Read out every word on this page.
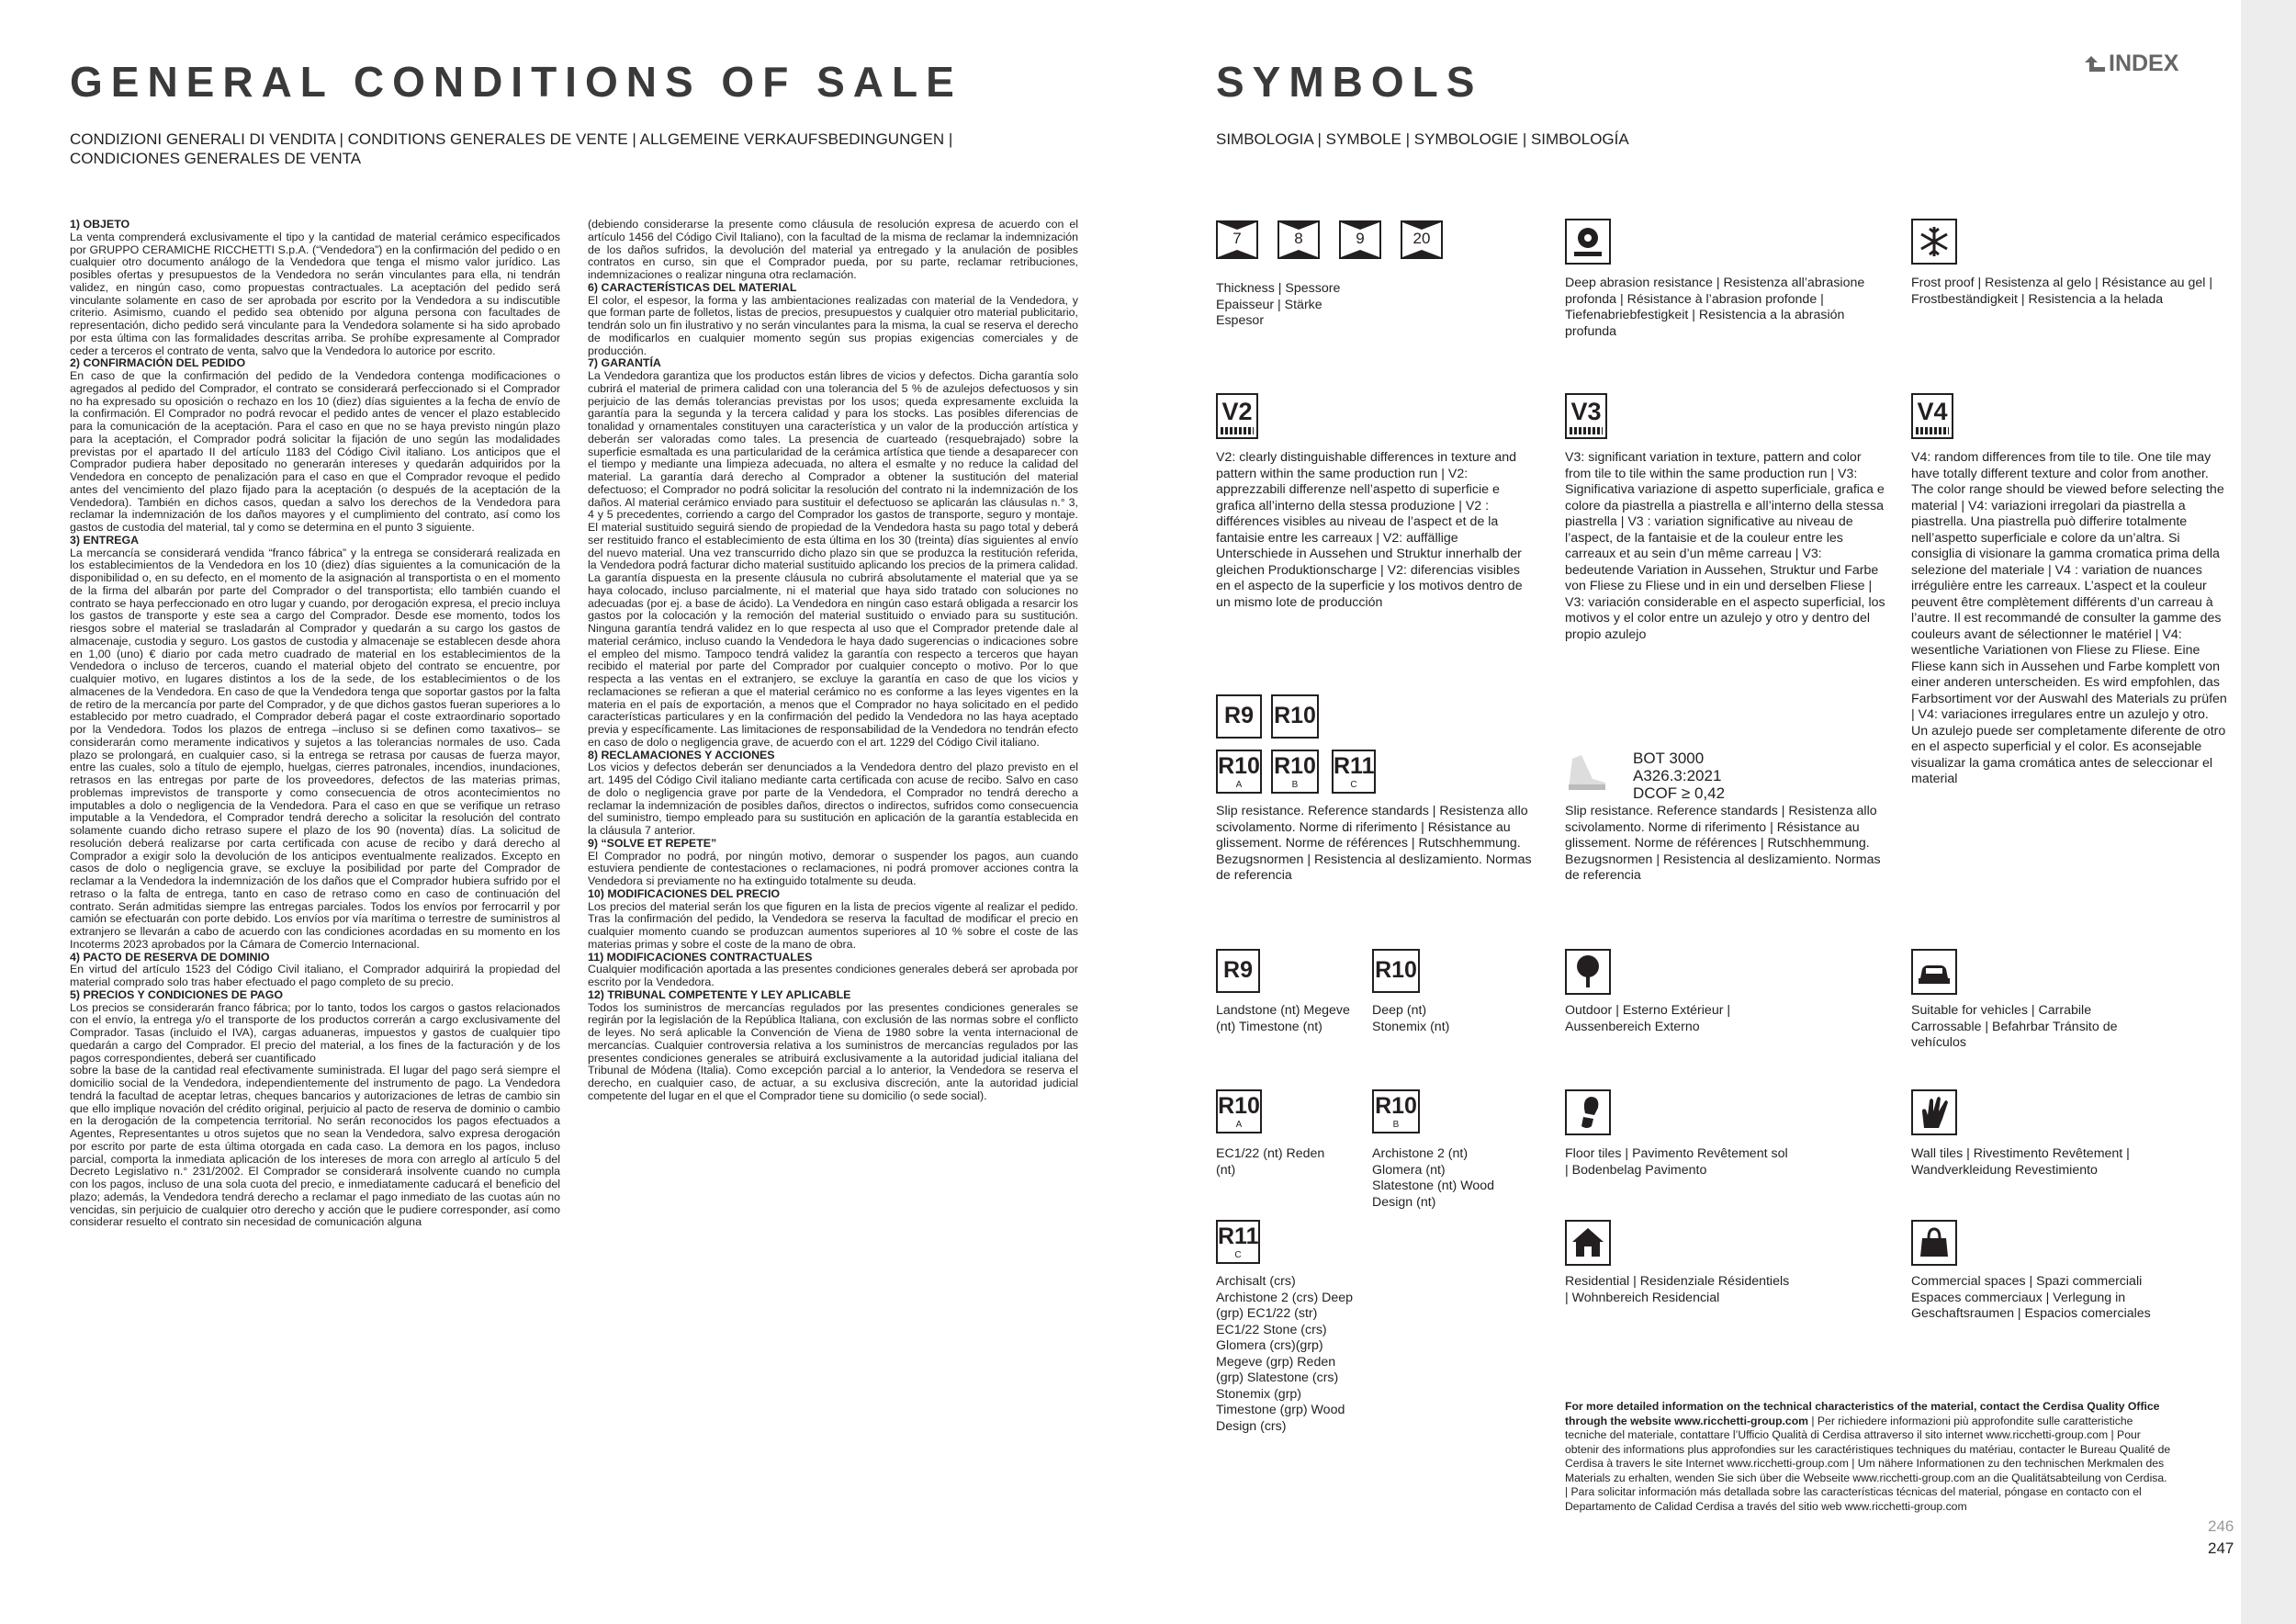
GENERAL CONDITIONS OF SALE
CONDIZIONI GENERALI DI VENDITA | CONDITIONS GENERALES DE VENTE | ALLGEMEINE VERKAUFSBEDINGUNGEN | CONDICIONES GENERALES DE VENTA
SYMBOLS
SIMBOLOGIA | SYMBOLE | SYMBOLOGIE | SIMBOLOGÍA
INDEX
1) OBJETO

La venta comprenderá exclusivamente el tipo y la cantidad de material cerámico especificados por GRUPPO CERAMICHE RICCHETTI S.p.A. (“Vendedora”) en la confirmación del pedido o en cualquier otro documento análogo de la Vendedora que tenga el mismo valor jurídico. Las posibles ofertas y presupuestos de la Vendedora no serán vinculantes para ella, ni tendrán validez, en ningún caso, como propuestas contractuales. La aceptación del pedido será vinculante solamente en caso de ser aprobada por escrito por la Vendedora a su indiscutible criterio. Asimismo, cuando el pedido sea obtenido por alguna persona con facultades de representación, dicho pedido será vinculante para la Vendedora solamente si ha sido aprobado por esta última con las formalidades descritas arriba. Se prohíbe expresamente al Comprador ceder a terceros el contrato de venta, salvo que la Vendedora lo autorice por escrito.

2) CONFIRMACIÓN DEL PEDIDO

En caso de que la confirmación del pedido de la Vendedora contenga modificaciones o agregados al pedido del Comprador, el contrato se considerará perfeccionado si el Comprador no ha expresado su oposición o rechazo en los 10 (diez) días siguientes a la fecha de envío de la confirmación. El Comprador no podrá revocar el pedido antes de vencer el plazo establecido para la comunicación de la aceptación. Para el caso en que no se haya previsto ningún plazo para la aceptación, el Comprador podrá solicitar la fijación de uno según las modalidades previstas por el apartado II del artículo 1183 del Código Civil italiano. Los anticipos que el Comprador pudiera haber depositado no generarán intereses y quedarán adquiridos por la Vendedora en concepto de penalización para el caso en que el Comprador revoque el pedido antes del vencimiento del plazo fijado para la aceptación (o después de la aceptación de la Vendedora). También en dichos casos, quedan a salvo los derechos de la Vendedora para reclamar la indemnización de los daños mayores y el cumplimiento del contrato, así como los gastos de custodia del material, tal y como se determina en el punto 3 siguiente.

3) ENTREGA

La mercancía se considerará vendida “franco fábrica” y la entrega se considerará realizada en los establecimientos de la Vendedora en los 10 (diez) días siguientes a la comunicación de la disponibilidad o, en su defecto, en el momento de la asignación al transportista o en el momento de la firma del albarán por parte del Comprador o del transportista; ello también cuando el contrato se haya perfeccionado en otro lugar y cuando, por derogación expresa, el precio incluya los gastos de transporte y este sea a cargo del Comprador. Desde ese momento, todos los riesgos sobre el material se trasladarán al Comprador y quedarán a su cargo los gastos de almacenaje, custodia y seguro. Los gastos de custodia y almacenaje se establecen desde ahora en 1,00 (uno) € diario por cada metro cuadrado de material en los establecimientos de la Vendedora o incluso de terceros, cuando el material objeto del contrato se encuentre, por cualquier motivo, en lugares distintos a los de la sede, de los establecimientos o de los almacenes de la Vendedora. En caso de que la Vendedora tenga que soportar gastos por la falta de retiro de la mercancía por parte del Comprador, y de que dichos gastos fueran superiores a lo establecido por metro cuadrado, el Comprador deberá pagar el coste extraordinario soportado por la Vendedora. Todos los plazos de entrega –incluso si se definen como taxativos– se considerarán como meramente indicativos y sujetos a las tolerancias normales de uso. Cada plazo se prolongará, en cualquier caso, si la entrega se retrasa por causas de fuerza mayor, entre las cuales, solo a título de ejemplo, huelgas, cierres patronales, incendios, inundaciones, retrasos en las entregas por parte de los proveedores, defectos de las materias primas, problemas imprevistos de transporte y como consecuencia de otros acontecimientos no imputables a dolo o negligencia de la Vendedora. Para el caso en que se verifique un retraso imputable a la Vendedora, el Comprador tendrá derecho a solicitar la resolución del contrato solamente cuando dicho retraso supere el plazo de los 90 (noventa) días. La solicitud de resolución deberá realizarse por carta certificada con acuse de recibo y dará derecho al Comprador a exigir solo la devolución de los anticipos eventualmente realizados. Excepto en casos de dolo o negligencia grave, se excluye la posibilidad por parte del Comprador de reclamar a la Vendedora la indemnización de los daños que el Comprador hubiera sufrido por el retraso o la falta de entrega, tanto en caso de retraso como en caso de continuación del contrato. Serán admitidas siempre las entregas parciales. Todos los envíos por ferrocarril y por camión se efectuarán con porte debido. Los envíos por vía marítima o terrestre de suministros al extranjero se llevarán a cabo de acuerdo con las condiciones acordadas en su momento en los Incoterms 2023 aprobados por la Cámara de Comercio Internacional.

4) PACTO DE RESERVA DE DOMINIO

En virtud del artículo 1523 del Código Civil italiano, el Comprador adquirirá la propiedad del material comprado solo tras haber efectuado el pago completo de su precio.

5) PRECIOS Y CONDICIONES DE PAGO

Los precios se considerarán franco fábrica; por lo tanto, todos los cargos o gastos relacionados con el envío, la entrega y/o el transporte de los productos correrán a cargo exclusivamente del Comprador. Tasas (incluido el IVA), cargas aduaneras, impuestos y gastos de cualquier tipo quedarán a cargo del Comprador. El precio del material, a los fines de la facturación y de los pagos correspondientes, deberá ser cuantificado

sobre la base de la cantidad real efectivamente suministrada. El lugar del pago será siempre el domicilio social de la Vendedora, independientemente del instrumento de pago. La Vendedora tendrá la facultad de aceptar letras, cheques bancarios y autorizaciones de letras de cambio sin que ello implique novación del crédito original, perjuicio al pacto de reserva de dominio o cambio en la derogación de la competencia territorial. No serán reconocidos los pagos efectuados a Agentes, Representantes u otros sujetos que no sean la Vendedora, salvo expresa derogación por escrito por parte de esta última otorgada en cada caso. La demora en los pagos, incluso parcial, comporta la inmediata aplicación de los intereses de mora con arreglo al artículo 5 del Decreto Legislativo n.° 231/2002. El Comprador se considerará insolvente cuando no cumpla con los pagos, incluso de una sola cuota del precio, e inmediatamente caducará el beneficio del plazo; además, la Vendedora tendrá derecho a reclamar el pago inmediato de las cuotas aún no vencidas, sin perjuicio de cualquier otro derecho y acción que le pudiere corresponder, así como considerar resuelto el contrato sin necesidad de comunicación alguna

(debiendo considerarse la presente como cláusula de resolución expresa de acuerdo con el artículo 1456 del Código Civil Italiano), con la facultad de la misma de reclamar la indemnización de los daños sufridos, la devolución del material ya entregado y la anulación de posibles contratos en curso, sin que el Comprador pueda, por su parte, reclamar retribuciones, indemnizaciones o realizar ninguna otra reclamación.

6) CARACTERÍSTICAS DEL MATERIAL

El color, el espesor, la forma y las ambientaciones realizadas con material de la Vendedora, y que forman parte de folletos, listas de precios, presupuestos y cualquier otro material publicitario, tendrán solo un fin ilustrativo y no serán vinculantes para la misma, la cual se reserva el derecho de modificarlos en cualquier momento según sus propias exigencias comerciales y de producción.

7) GARANTÍA

La Vendedora garantiza que los productos están libres de vicios y defectos. Dicha garantía solo cubrirá el material de primera calidad con una tolerancia del 5 % de azulejos defectuosos y sin perjuicio de las demás tolerancias previstas por los usos; queda expresamente excluida la garantía para la segunda y la tercera calidad y para los stocks. Las posibles diferencias de tonalidad y ornamentales constituyen una característica y un valor de la producción artística y deberán ser valoradas como tales. La presencia de cuarteado (resquebrajado) sobre la superficie esmaltada es una particularidad de la cerámica artística que tiende a desaparecer con el tiempo y mediante una limpieza adecuada, no altera el esmalte y no reduce la calidad del material. La garantía dará derecho al Comprador a obtener la sustitución del material defectuoso; el Comprador no podrá solicitar la resolución del contrato ni la indemnización de los daños. Al material cerámico enviado para sustituir el defectuoso se aplicarán las cláusulas n.° 3, 4 y 5 precedentes, corriendo a cargo del Comprador los gastos de transporte, seguro y montaje. El material sustituido seguirá siendo de propiedad de la Vendedora hasta su pago total y deberá ser restituido franco el establecimiento de esta última en los 30 (treinta) días siguientes al envío del nuevo material. Una vez transcurrido dicho plazo sin que se produzca la restitución referida, la Vendedora podrá facturar dicho material sustituido aplicando los precios de la primera calidad. La garantía dispuesta en la presente cláusula no cubrirá absolutamente el material que ya se haya colocado, incluso parcialmente, ni el material que haya sido tratado con soluciones no adecuadas (por ej. a base de ácido). La Vendedora en ningún caso estará obligada a resarcir los gastos por la colocación y la remoción del material sustituido o enviado para su sustitución. Ninguna garantía tendrá validez en lo que respecta al uso que el Comprador pretende dale al material cerámico, incluso cuando la Vendedora le haya dado sugerencias o indicaciones sobre el empleo del mismo. Tampoco tendrá validez la garantía con respecto a terceros que hayan recibido el material por parte del Comprador por cualquier concepto o motivo. Por lo que respecta a las ventas en el extranjero, se excluye la garantía en caso de que los vicios y reclamaciones se refieran a que el material cerámico no es conforme a las leyes vigentes en la materia en el país de exportación, a menos que el Comprador no haya solicitado en el pedido características particulares y en la confirmación del pedido la Vendedora no las haya aceptado previa y específicamente. Las limitaciones de responsabilidad de la Vendedora no tendrán efecto en caso de dolo o negligencia grave, de acuerdo con el art. 1229 del Código Civil italiano.

8) RECLAMACIONES Y ACCIONES

Los vicios y defectos deberán ser denunciados a la Vendedora dentro del plazo previsto en el art. 1495 del Código Civil italiano mediante carta certificada con acuse de recibo. Salvo en caso de dolo o negligencia grave por parte de la Vendedora, el Comprador no tendrá derecho a reclamar la indemnización de posibles daños, directos o indirectos, sufridos como consecuencia del suministro, tiempo empleado para su sustitución en aplicación de la garantía establecida en la cláusula 7 anterior.

9) “SOLVE ET REPETE”

El Comprador no podrá, por ningún motivo, demorar o suspender los pagos, aun cuando estuviera pendiente de contestaciones o reclamaciones, ni podrá promover acciones contra la Vendedora si previamente no ha extinguido totalmente su deuda.

10) MODIFICACIONES DEL PRECIO

Los precios del material serán los que figuren en la lista de precios vigente al realizar el pedido. Tras la confirmación del pedido, la Vendedora se reserva la facultad de modificar el precio en cualquier momento cuando se produzcan aumentos superiores al 10 % sobre el coste de las materias primas y sobre el coste de la mano de obra.

11) MODIFICACIONES CONTRACTUALES

Cualquier modificación aportada a las presentes condiciones generales deberá ser aprobada por escrito por la Vendedora.

12) TRIBUNAL COMPETENTE Y LEY APLICABLE

Todos los suministros de mercancías regulados por las presentes condiciones generales se regirán por la legislación de la República Italiana, con exclusión de las normas sobre el conflicto de leyes. No será aplicable la Convención de Viena de 1980 sobre la venta internacional de mercancías. Cualquier controversia relativa a los suministros de mercancías regulados por las presentes condiciones generales se atribuirá exclusivamente a la autoridad judicial italiana del Tribunal de Módena (Italia). Como excepción parcial a lo anterior, la Vendedora se reserva el derecho, en cualquier caso, de actuar, a su exclusiva discreción, ante la autoridad judicial competente del lugar en el que el Comprador tiene su domicilio (o sede social).

7	8	9	20
Thickness | Spessore Epaisseur | Stärke Espesor
Deep abrasion resistance | Resistenza all’abrasione profonda | Résistance à l’abrasion profonde | Tiefenabriebfestigkeit | Resistencia a la abrasión profunda
Frost proof | Resistenza al gelo | Résistance au gel | Frostbeständigkeit | Resistencia a la helada
V2
V2: clearly distinguishable differences in texture and pattern within the same production run | V2: apprezzabili differenze nell’aspetto di superficie e grafica all’interno della stessa produzione | V2 : différences visibles au niveau de l’aspect et de la fantaisie entre les carreaux | V2: auffällige Unterschiede in Aussehen und Struktur innerhalb der gleichen Produktionscharge | V2: diferencias visibles en el aspecto de la superficie y los motivos dentro de un mismo lote de producción
V3
V3: significant variation in texture, pattern and color from tile to tile within the same production run | V3: Significativa variazione di aspetto superficiale, grafica e colore da piastrella a piastrella e all’interno della stessa piastrella | V3 : variation significative au niveau de l’aspect, de la fantaisie et de la couleur entre les carreaux et au sein d’un même carreau | V3: bedeutende Variation in Aussehen, Struktur und Farbe von Fliese zu Fliese und in ein und derselben Fliese | V3: variación considerable en el aspecto superficial, los motivos y el color entre un azulejo y otro y dentro del propio azulejo
V4
V4: random differences from tile to tile. One tile may have totally different texture and color from another. The color range should be viewed before selecting the material | V4: variazioni irregolari da piastrella a piastrella. Una piastrella può differire totalmente nell’aspetto superficiale e colore da un’altra. Si consiglia di visionare la gamma cromatica prima della selezione del materiale | V4 : variation de nuances irrégulière entre les carreaux. L’aspect et la couleur peuvent être complètement différents d’un carreau à l’autre. Il est recommandé de consulter la gamme des couleurs avant de sélectionner le matériel | V4: wesentliche Variationen von Fliese zu Fliese. Eine Fliese kann sich in Aussehen und Farbe komplett von einer anderen unterscheiden. Es wird empfohlen, das Farbsortiment vor der Auswahl des Materials zu prüfen | V4: variaciones irregulares entre un azulejo y otro. Un azulejo puede ser completamente diferente de otro en el aspecto superficial y el color. Es aconsejable visualizar la gama cromática antes de seleccionar el material
R9 R10
R10
A
R10
B
R11
C
Slip resistance. Reference standards | Resistenza allo scivolamento. Norme di riferimento | Résistance au glissement. Norme de références | Rutschhemmung. Bezugsnormen | Resistencia al deslizamiento. Normas de referencia
BOT 3000
A326.3:2021
DCOF ≥ 0,42
Slip resistance. Reference standards | Resistenza allo scivolamento. Norme di riferimento | Résistance au glissement. Norme de références | Rutschhemmung. Bezugsnormen | Resistencia al deslizamiento. Normas de referencia
R9
Landstone (nt) Megeve (nt) Timestone (nt)
R10
Deep (nt) Stonemix (nt)
R10
A
EC1/22 (nt) Reden (nt)
R10
B
Archistone 2 (nt) Glomera (nt) Slatestone (nt) Wood Design (nt)
R11
C
Archisalt (crs) Archistone 2 (crs) Deep (grp) EC1/22 (str) EC1/22 Stone (crs) Glomera (crs)(grp) Megeve (grp) Reden (grp) Slatestone (crs) Stonemix (grp) Timestone (grp) Wood Design (crs)
Outdoor | Esterno Extérieur | Aussenbereich Externo
Suitable for vehicles | Carrabile Carrossable | Befahrbar Tránsito de vehículos
Floor tiles | Pavimento Revêtement sol | Bodenbelag Pavimento
Wall tiles | Rivestimento Revêtement | Wandverkleidung Revestimiento
Residential | Residenziale Résidentiels | Wohnbereich Residencial
Commercial spaces | Spazi commerciali Espaces commerciaux | Verlegung in Geschaftsraumen | Espacios comerciales
For more detailed information on the technical characteristics of the material, contact the Cerdisa Quality Office through the website www.ricchetti-group.com | Per richiedere informazioni più approfondite sulle caratteristiche tecniche del materiale, contattare l’Ufficio Qualità di Cerdisa attraverso il sito internet www.ricchetti-group.com | Pour obtenir des informations plus approfondies sur les caractéristiques techniques du matériau, contacter le Bureau Qualité de Cerdisa à travers le site Internet www.ricchetti-group.com | Um nähere Informationen zu den technischen Merkmalen des Materials zu erhalten, wenden Sie sich über die Webseite www.ricchetti-group.com an die Qualitätsabteilung von Cerdisa. | Para solicitar información más detallada sobre las características técnicas del material, póngase en contacto con el Departamento de Calidad Cerdisa a través del sitio web www.ricchetti-group.com
246
247
